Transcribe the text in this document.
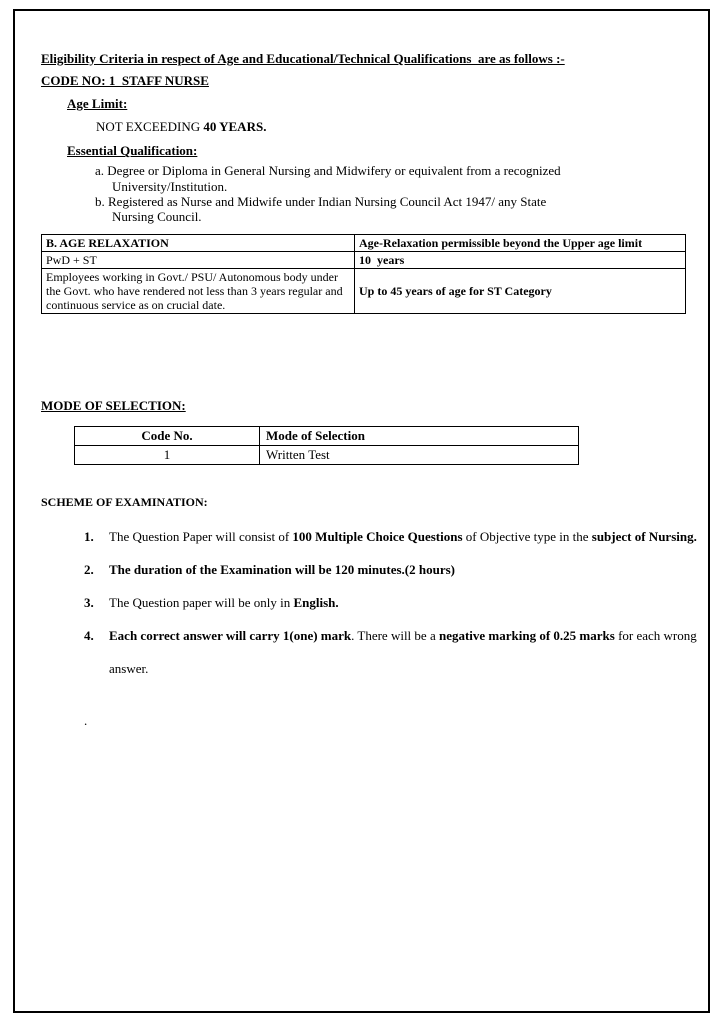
Eligibility Criteria in respect of Age and Educational/Technical Qualifications  are as follows :-
CODE NO: 1  STAFF NURSE
Age Limit:
NOT EXCEEDING 40 YEARS.
Essential Qualification:
a. Degree or Diploma in General Nursing and Midwifery or equivalent from a recognized University/Institution.
b. Registered as Nurse and Midwife under Indian Nursing Council Act 1947/ any State Nursing Council.
B. AGE RELAXATION	Age-Relaxation permissible beyond the Upper age limit
PwD + ST	10  years
Employees working in Govt./ PSU/ Autonomous body under the Govt. who have rendered not less than 3 years regular and continuous service as on crucial date.	Up to 45 years of age for ST Category
MODE OF SELECTION:
Code No.	Mode of Selection
1	Written Test
SCHEME OF EXAMINATION:
1.	The Question Paper will consist of 100 Multiple Choice Questions of Objective type in the subject of Nursing.
2.	The duration of the Examination will be 120 minutes.(2 hours)
3.	The Question paper will be only in English.
4.	Each correct answer will carry 1(one) mark. There will be a negative marking of 0.25 marks for each wrong answer.
.
